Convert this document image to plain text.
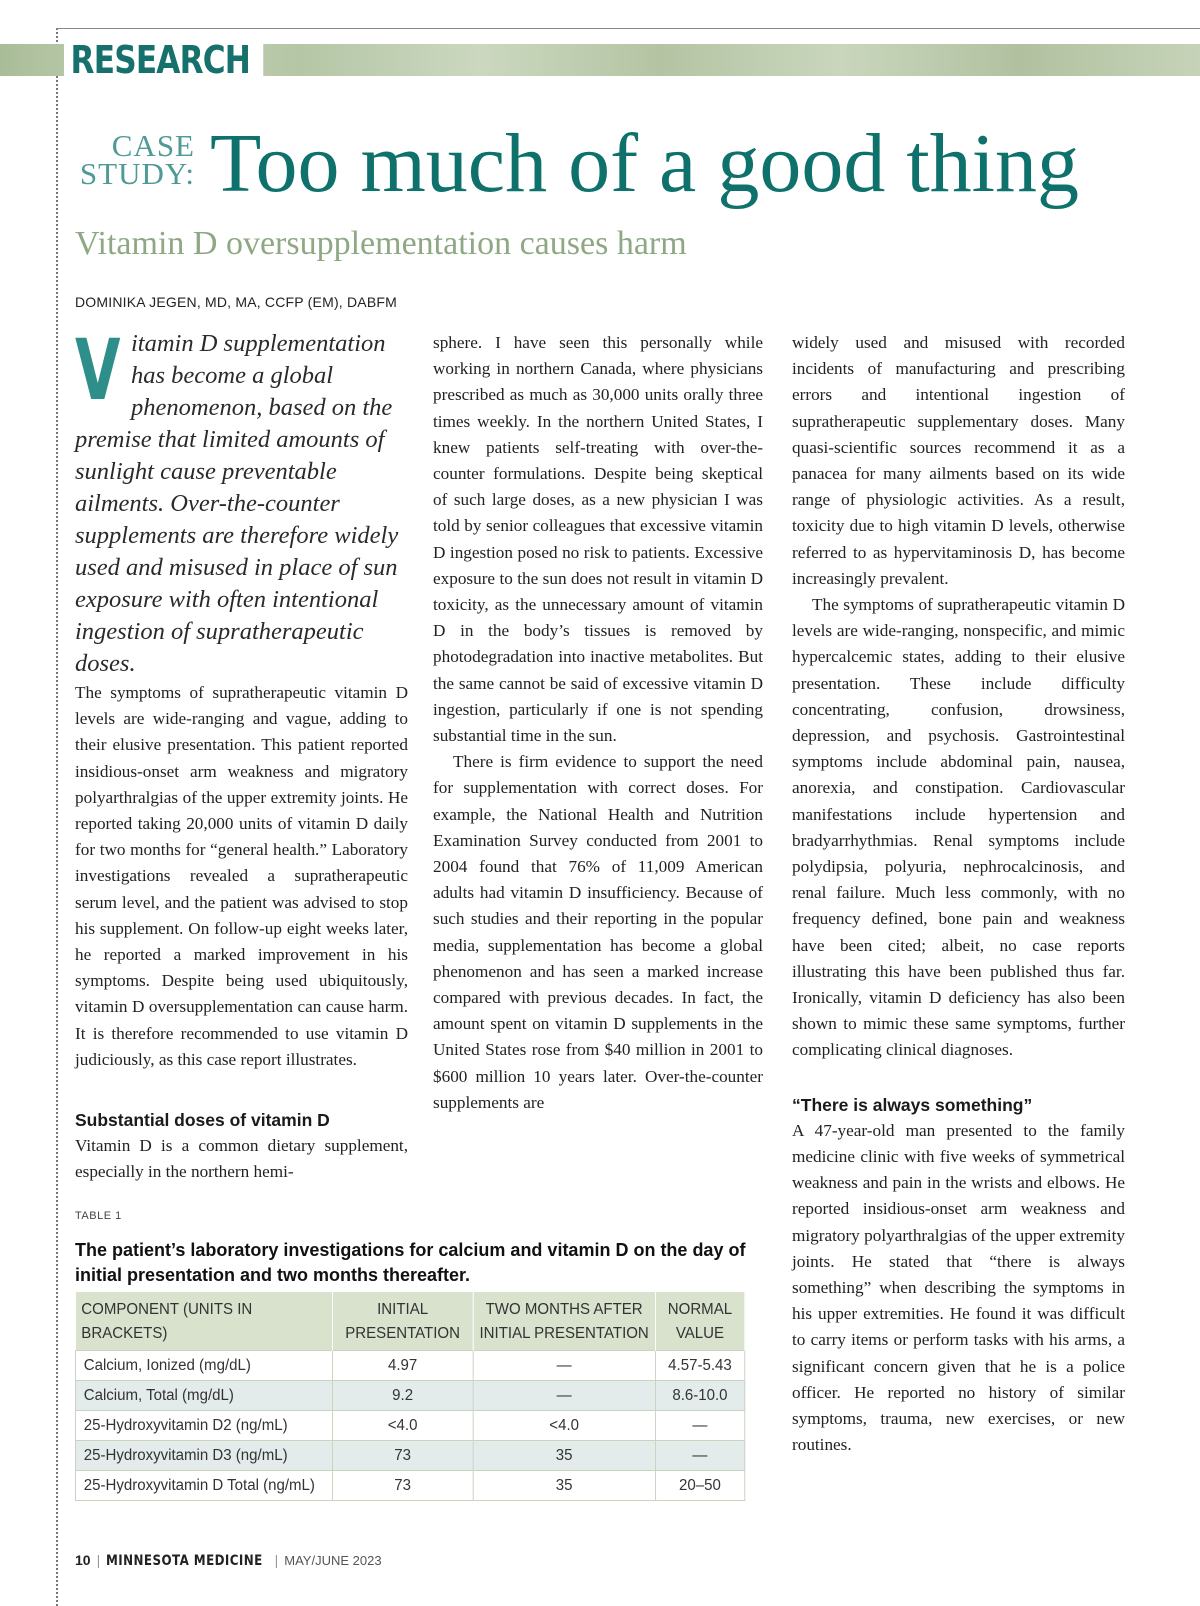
RESEARCH
CASE
STUDY: Too much of a good thing
Vitamin D oversupplementation causes harm
DOMINIKA JEGEN, MD, MA, CCFP (EM), DABFM

Vitamin D supplementation has become a global phenomenon, based on the premise that limited amounts of sunlight cause preventable ailments. Over-the-counter supplements are therefore widely used and misused in place of sun exposure with often intentional ingestion of supratherapeutic doses.

The symptoms of supratherapeutic vitamin D levels are wide-ranging and vague, adding to their elusive presentation. This patient reported insidious-onset arm weakness and migratory polyarthralgias of the upper extremity joints. He reported taking 20,000 units of vitamin D daily for two months for “general health.” Laboratory investigations revealed a supratherapeutic serum level, and the patient was advised to stop his supplement. On follow-up eight weeks later, he reported a marked improvement in his symptoms. Despite being used ubiquitously, vitamin D oversupplementation can cause harm. It is therefore recommended to use vitamin D judiciously, as this case report illustrates.

Substantial doses of vitamin D

Vitamin D is a common dietary supplement, especially in the northern hemi-

sphere. I have seen this personally while working in northern Canada, where physicians prescribed as much as 30,000 units orally three times weekly. In the northern United States, I knew patients self-treating with over-the-counter formulations. Despite being skeptical of such large doses, as a new physician I was told by senior colleagues that excessive vitamin D ingestion posed no risk to patients. Excessive exposure to the sun does not result in vitamin D toxicity, as the unnecessary amount of vitamin D in the body’s tissues is removed by photodegradation into inactive metabolites. But the same cannot be said of excessive vitamin D ingestion, particularly if one is not spending substantial time in the sun.

There is firm evidence to support the need for supplementation with correct doses. For example, the National Health and Nutrition Examination Survey conducted from 2001 to 2004 found that 76% of 11,009 American adults had vitamin D insufficiency. Because of such studies and their reporting in the popular media, supplementation has become a global phenomenon and has seen a marked increase compared with previous decades. In fact, the amount spent on vitamin D supplements in the United States rose from $40 million in 2001 to $600 million 10 years later. Over-the-counter supplements are

widely used and misused with recorded incidents of manufacturing and prescribing errors and intentional ingestion of supratherapeutic supplementary doses. Many quasi-scientific sources recommend it as a panacea for many ailments based on its wide range of physiologic activities. As a result, toxicity due to high vitamin D levels, otherwise referred to as hypervitaminosis D, has become increasingly prevalent.

The symptoms of supratherapeutic vitamin D levels are wide-ranging, nonspecific, and mimic hypercalcemic states, adding to their elusive presentation. These include difficulty concentrating, confusion, drowsiness, depression, and psychosis. Gastrointestinal symptoms include abdominal pain, nausea, anorexia, and constipation. Cardiovascular manifestations include hypertension and bradyarrhythmias. Renal symptoms include polydipsia, polyuria, nephrocalcinosis, and renal failure. Much less commonly, with no frequency defined, bone pain and weakness have been cited; albeit, no case reports illustrating this have been published thus far. Ironically, vitamin D deficiency has also been shown to mimic these same symptoms, further complicating clinical diagnoses.

“There is always something”

A 47-year-old man presented to the family medicine clinic with five weeks of symmetrical weakness and pain in the wrists and elbows. He reported insidious-onset arm weakness and migratory polyarthralgias of the upper extremity joints. He stated that “there is always something” when describing the symptoms in his upper extremities. He found it was difficult to carry items or perform tasks with his arms, a significant concern given that he is a police officer. He reported no history of similar symptoms, trauma, new exercises, or new routines.

TABLE 1

The patient’s laboratory investigations for calcium and vitamin D on the day of initial presentation and two months thereafter.

COMPONENT (UNITS IN BRACKETS)	INITIAL PRESENTATION	TWO MONTHS AFTER INITIAL PRESENTATION	NORMAL VALUE
Calcium, Ionized (mg/dL)	4.97	—	4.57-5.43
Calcium, Total (mg/dL)	9.2	—	8.6-10.0
25-Hydroxyvitamin D2 (ng/mL)	<4.0	<4.0	—
25-Hydroxyvitamin D3 (ng/mL)	73	35	—
25-Hydroxyvitamin D Total (ng/mL)	73	35	20–50
10 | MINNESOTA MEDICINE | MAY/JUNE 2023
